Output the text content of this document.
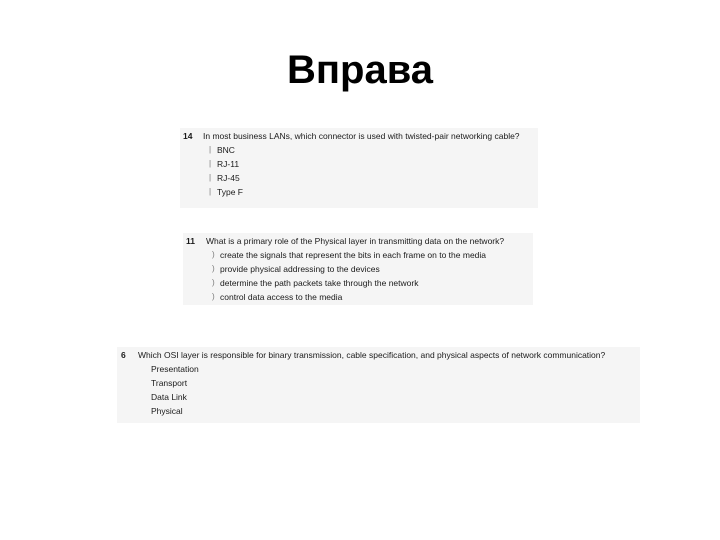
Вправа
14	In most business LANs, which connector is used with twisted-pair networking cable?
| BNC
| RJ-11
| RJ-45
| Type F
11	What is a primary role of the Physical layer in transmitting data on the network?
) create the signals that represent the bits in each frame on to the media
) provide physical addressing to the devices
) determine the path packets take through the network
) control data access to the media
6	Which OSI layer is responsible for binary transmission, cable specification, and physical aspects of network communication?
Presentation
Transport
Data Link
Physical
